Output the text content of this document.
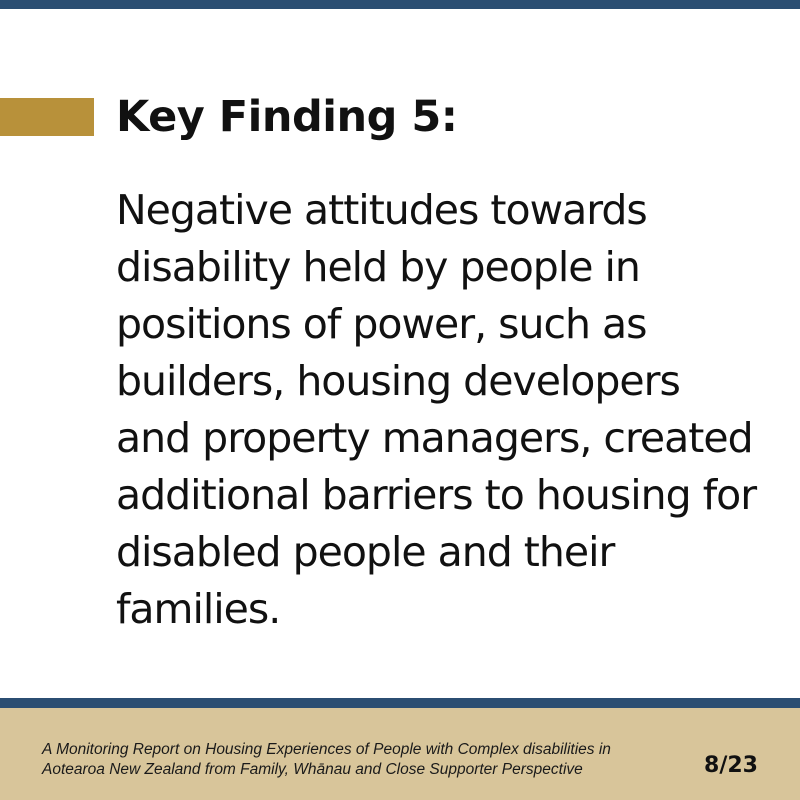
Key Finding 5:

Negative attitudes towards disability held by people in positions of power, such as builders, housing developers and property managers, created additional barriers to housing for disabled people and their families.

A Monitoring Report on Housing Experiences of People with Complex disabilities in

Aotearoa New Zealand from Family, Whānau and Close Supporter Perspective	8/23
